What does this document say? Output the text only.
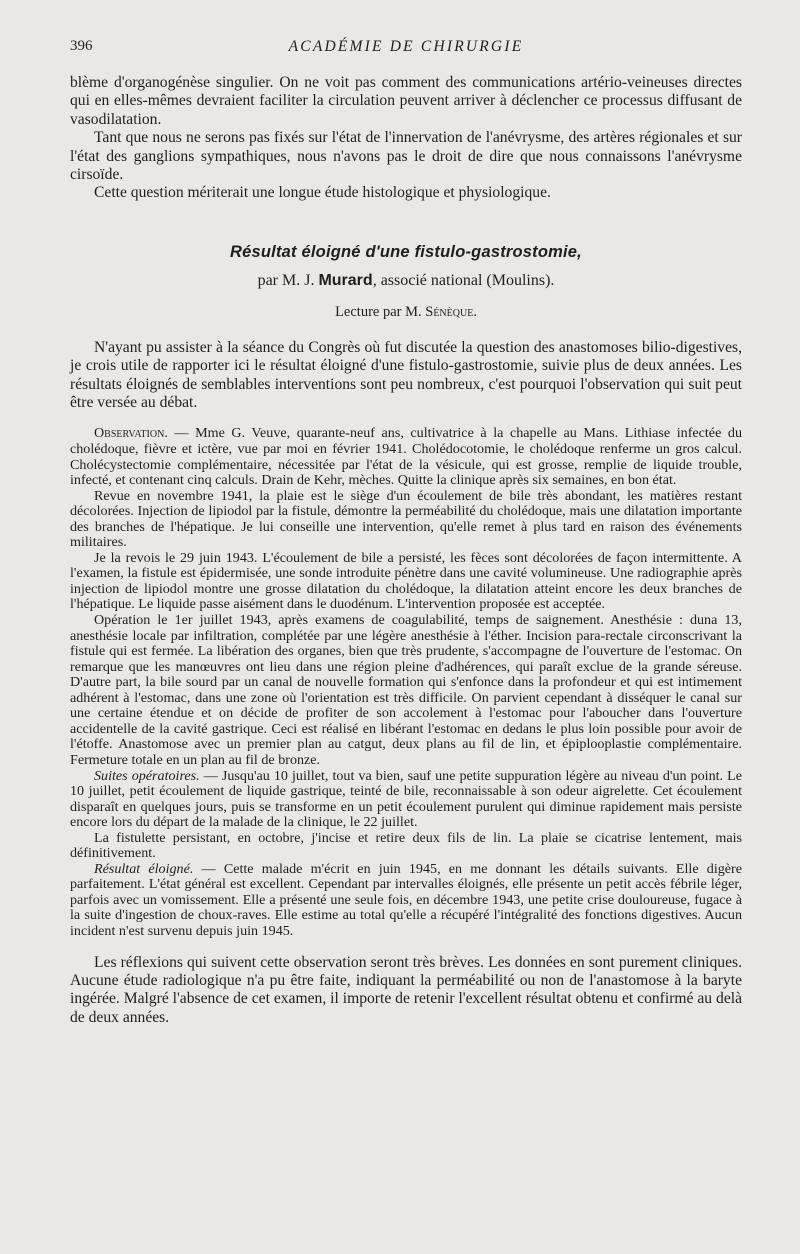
396	ACADÉMIE DE CHIRURGIE

blème d'organogénèse singulier. On ne voit pas comment des communications artério-veineuses directes qui en elles-mêmes devraient faciliter la circulation peuvent arriver à déclencher ce processus diffusant de vasodilatation.

Tant que nous ne serons pas fixés sur l'état de l'innervation de l'anévrysme, des artères régionales et sur l'état des ganglions sympathiques, nous n'avons pas le droit de dire que nous connaissons l'anévrysme cirsoïde.

Cette question mériterait une longue étude histologique et physiologique.

Résultat éloigné d'une fistulo-gastrostomie,
par M. J. Murard, associé national (Moulins).
Lecture par M. Sénèque.

N'ayant pu assister à la séance du Congrès où fut discutée la question des anastomoses bilio-digestives, je crois utile de rapporter ici le résultat éloigné d'une fistulo-gastrostomie, suivie plus de deux années. Les résultats éloignés de semblables interventions sont peu nombreux, c'est pourquoi l'observation qui suit peut être versée au débat.

Observation. — Mme G. Veuve, quarante-neuf ans, cultivatrice à la chapelle au Mans. Lithiase infectée du cholédoque, fièvre et ictère, vue par moi en février 1941. Cholédocotomie, le cholédoque renferme un gros calcul. Cholécystectomie complémentaire, nécessitée par l'état de la vésicule, qui est grosse, remplie de liquide trouble, infecté, et contenant cinq calculs. Drain de Kehr, mèches. Quitte la clinique après six semaines, en bon état.

Revue en novembre 1941, la plaie est le siège d'un écoulement de bile très abondant, les matières restant décolorées. Injection de lipiodol par la fistule, démontre la perméabilité du cholédoque, mais une dilatation importante des branches de l'hépatique. Je lui conseille une intervention, qu'elle remet à plus tard en raison des événements militaires.

Je la revois le 29 juin 1943. L'écoulement de bile a persisté, les fèces sont décolorées de façon intermittente. A l'examen, la fistule est épidermisée, une sonde introduite pénètre dans une cavité volumineuse. Une radiographie après injection de lipiodol montre une grosse dilatation du cholédoque, la dilatation atteint encore les deux branches de l'hépatique. Le liquide passe aisément dans le duodénum. L'intervention proposée est acceptée.

Opération le 1er juillet 1943, après examens de coagulabilité, temps de saignement. Anesthésie : duna 13, anesthésie locale par infiltration, complétée par une légère anesthésie à l'éther. Incision para-rectale circonscrivant la fistule qui est fermée. La libération des organes, bien que très prudente, s'accompagne de l'ouverture de l'estomac. On remarque que les manœuvres ont lieu dans une région pleine d'adhérences, qui paraît exclue de la grande séreuse. D'autre part, la bile sourd par un canal de nouvelle formation qui s'enfonce dans la profondeur et qui est intimement adhérent à l'estomac, dans une zone où l'orientation est très difficile. On parvient cependant à disséquer le canal sur une certaine étendue et on décide de profiter de son accolement à l'estomac pour l'aboucher dans l'ouverture accidentelle de la cavité gastrique. Ceci est réalisé en libérant l'estomac en dedans le plus loin possible pour avoir de l'étoffe. Anastomose avec un premier plan au catgut, deux plans au fil de lin, et épiplooplastie complémentaire. Fermeture totale en un plan au fil de bronze.

Suites opératoires. — Jusqu'au 10 juillet, tout va bien, sauf une petite suppuration légère au niveau d'un point. Le 10 juillet, petit écoulement de liquide gastrique, teinté de bile, reconnaissable à son odeur aigrelette. Cet écoulement disparaît en quelques jours, puis se transforme en un petit écoulement purulent qui diminue rapidement mais persiste encore lors du départ de la malade de la clinique, le 22 juillet.

La fistulette persistant, en octobre, j'incise et retire deux fils de lin. La plaie se cicatrise lentement, mais définitivement.

Résultat éloigné. — Cette malade m'écrit en juin 1945, en me donnant les détails suivants. Elle digère parfaitement. L'état général est excellent. Cependant par intervalles éloignés, elle présente un petit accès fébrile léger, parfois avec un vomissement. Elle a présenté une seule fois, en décembre 1943, une petite crise douloureuse, fugace à la suite d'ingestion de choux-raves. Elle estime au total qu'elle a récupéré l'intégralité des fonctions digestives. Aucun incident n'est survenu depuis juin 1945.

Les réflexions qui suivent cette observation seront très brèves. Les données en sont purement cliniques. Aucune étude radiologique n'a pu être faite, indiquant la perméabilité ou non de l'anastomose à la baryte ingérée. Malgré l'absence de cet examen, il importe de retenir l'excellent résultat obtenu et confirmé au delà de deux années.
